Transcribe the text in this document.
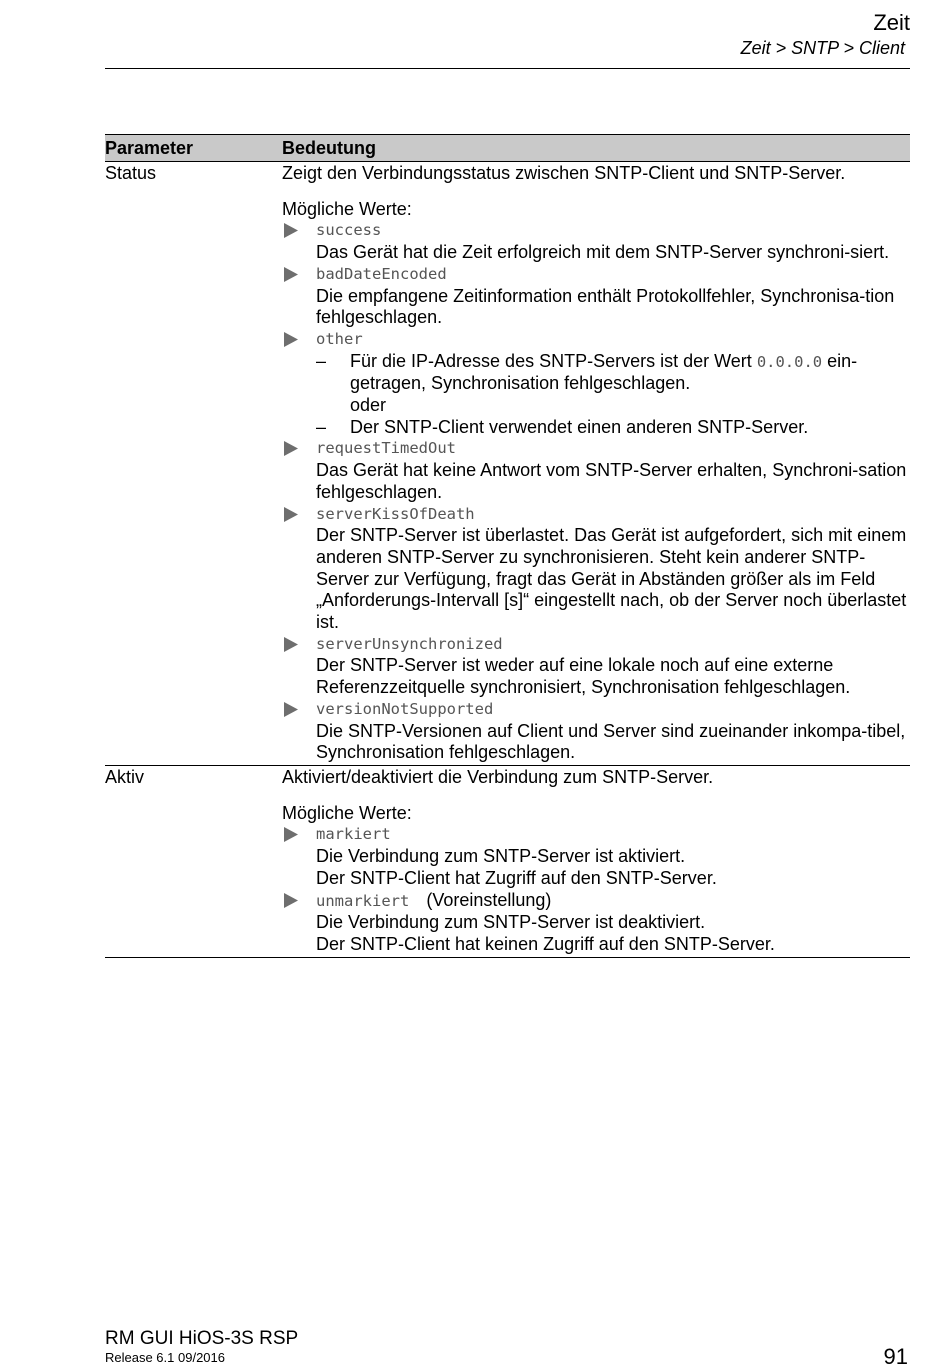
Zeit
Zeit > SNTP > Client
Parameter	Bedeutung
Status	Zeigt den Verbindungsstatus zwischen SNTP-Client und SNTP-Server.
Mögliche Werte:
success
Das Gerät hat die Zeit erfolgreich mit dem SNTP-Server synchroni-siert.
badDateEncoded
Die empfangene Zeitinformation enthält Protokollfehler, Synchronisa-tion fehlgeschlagen.
other
–	Für die IP-Adresse des SNTP-Servers ist der Wert 0.0.0.0 ein-getragen, Synchronisation fehlgeschlagen.
oder
–	Der SNTP-Client verwendet einen anderen SNTP-Server.
requestTimedOut
Das Gerät hat keine Antwort vom SNTP-Server erhalten, Synchroni-sation fehlgeschlagen.
serverKissOfDeath
Der SNTP-Server ist überlastet. Das Gerät ist aufgefordert, sich mit einem anderen SNTP-Server zu synchronisieren. Steht kein anderer SNTP-Server zur Verfügung, fragt das Gerät in Abständen größer als im Feld „Anforderungs-Intervall [s]“ eingestellt nach, ob der Server noch überlastet ist.
serverUnsynchronized
Der SNTP-Server ist weder auf eine lokale noch auf eine externe Referenzzeitquelle synchronisiert, Synchronisation fehlgeschlagen.
versionNotSupported
Die SNTP-Versionen auf Client und Server sind zueinander inkompa-tibel, Synchronisation fehlgeschlagen.
Aktiv	Aktiviert/deaktiviert die Verbindung zum SNTP-Server.
Mögliche Werte:
markiert
Die Verbindung zum SNTP-Server ist aktiviert.
Der SNTP-Client hat Zugriff auf den SNTP-Server.
unmarkiert (Voreinstellung)
Die Verbindung zum SNTP-Server ist deaktiviert.
Der SNTP-Client hat keinen Zugriff auf den SNTP-Server.
RM GUI HiOS-3S RSP
Release 6.1 09/2016	91
